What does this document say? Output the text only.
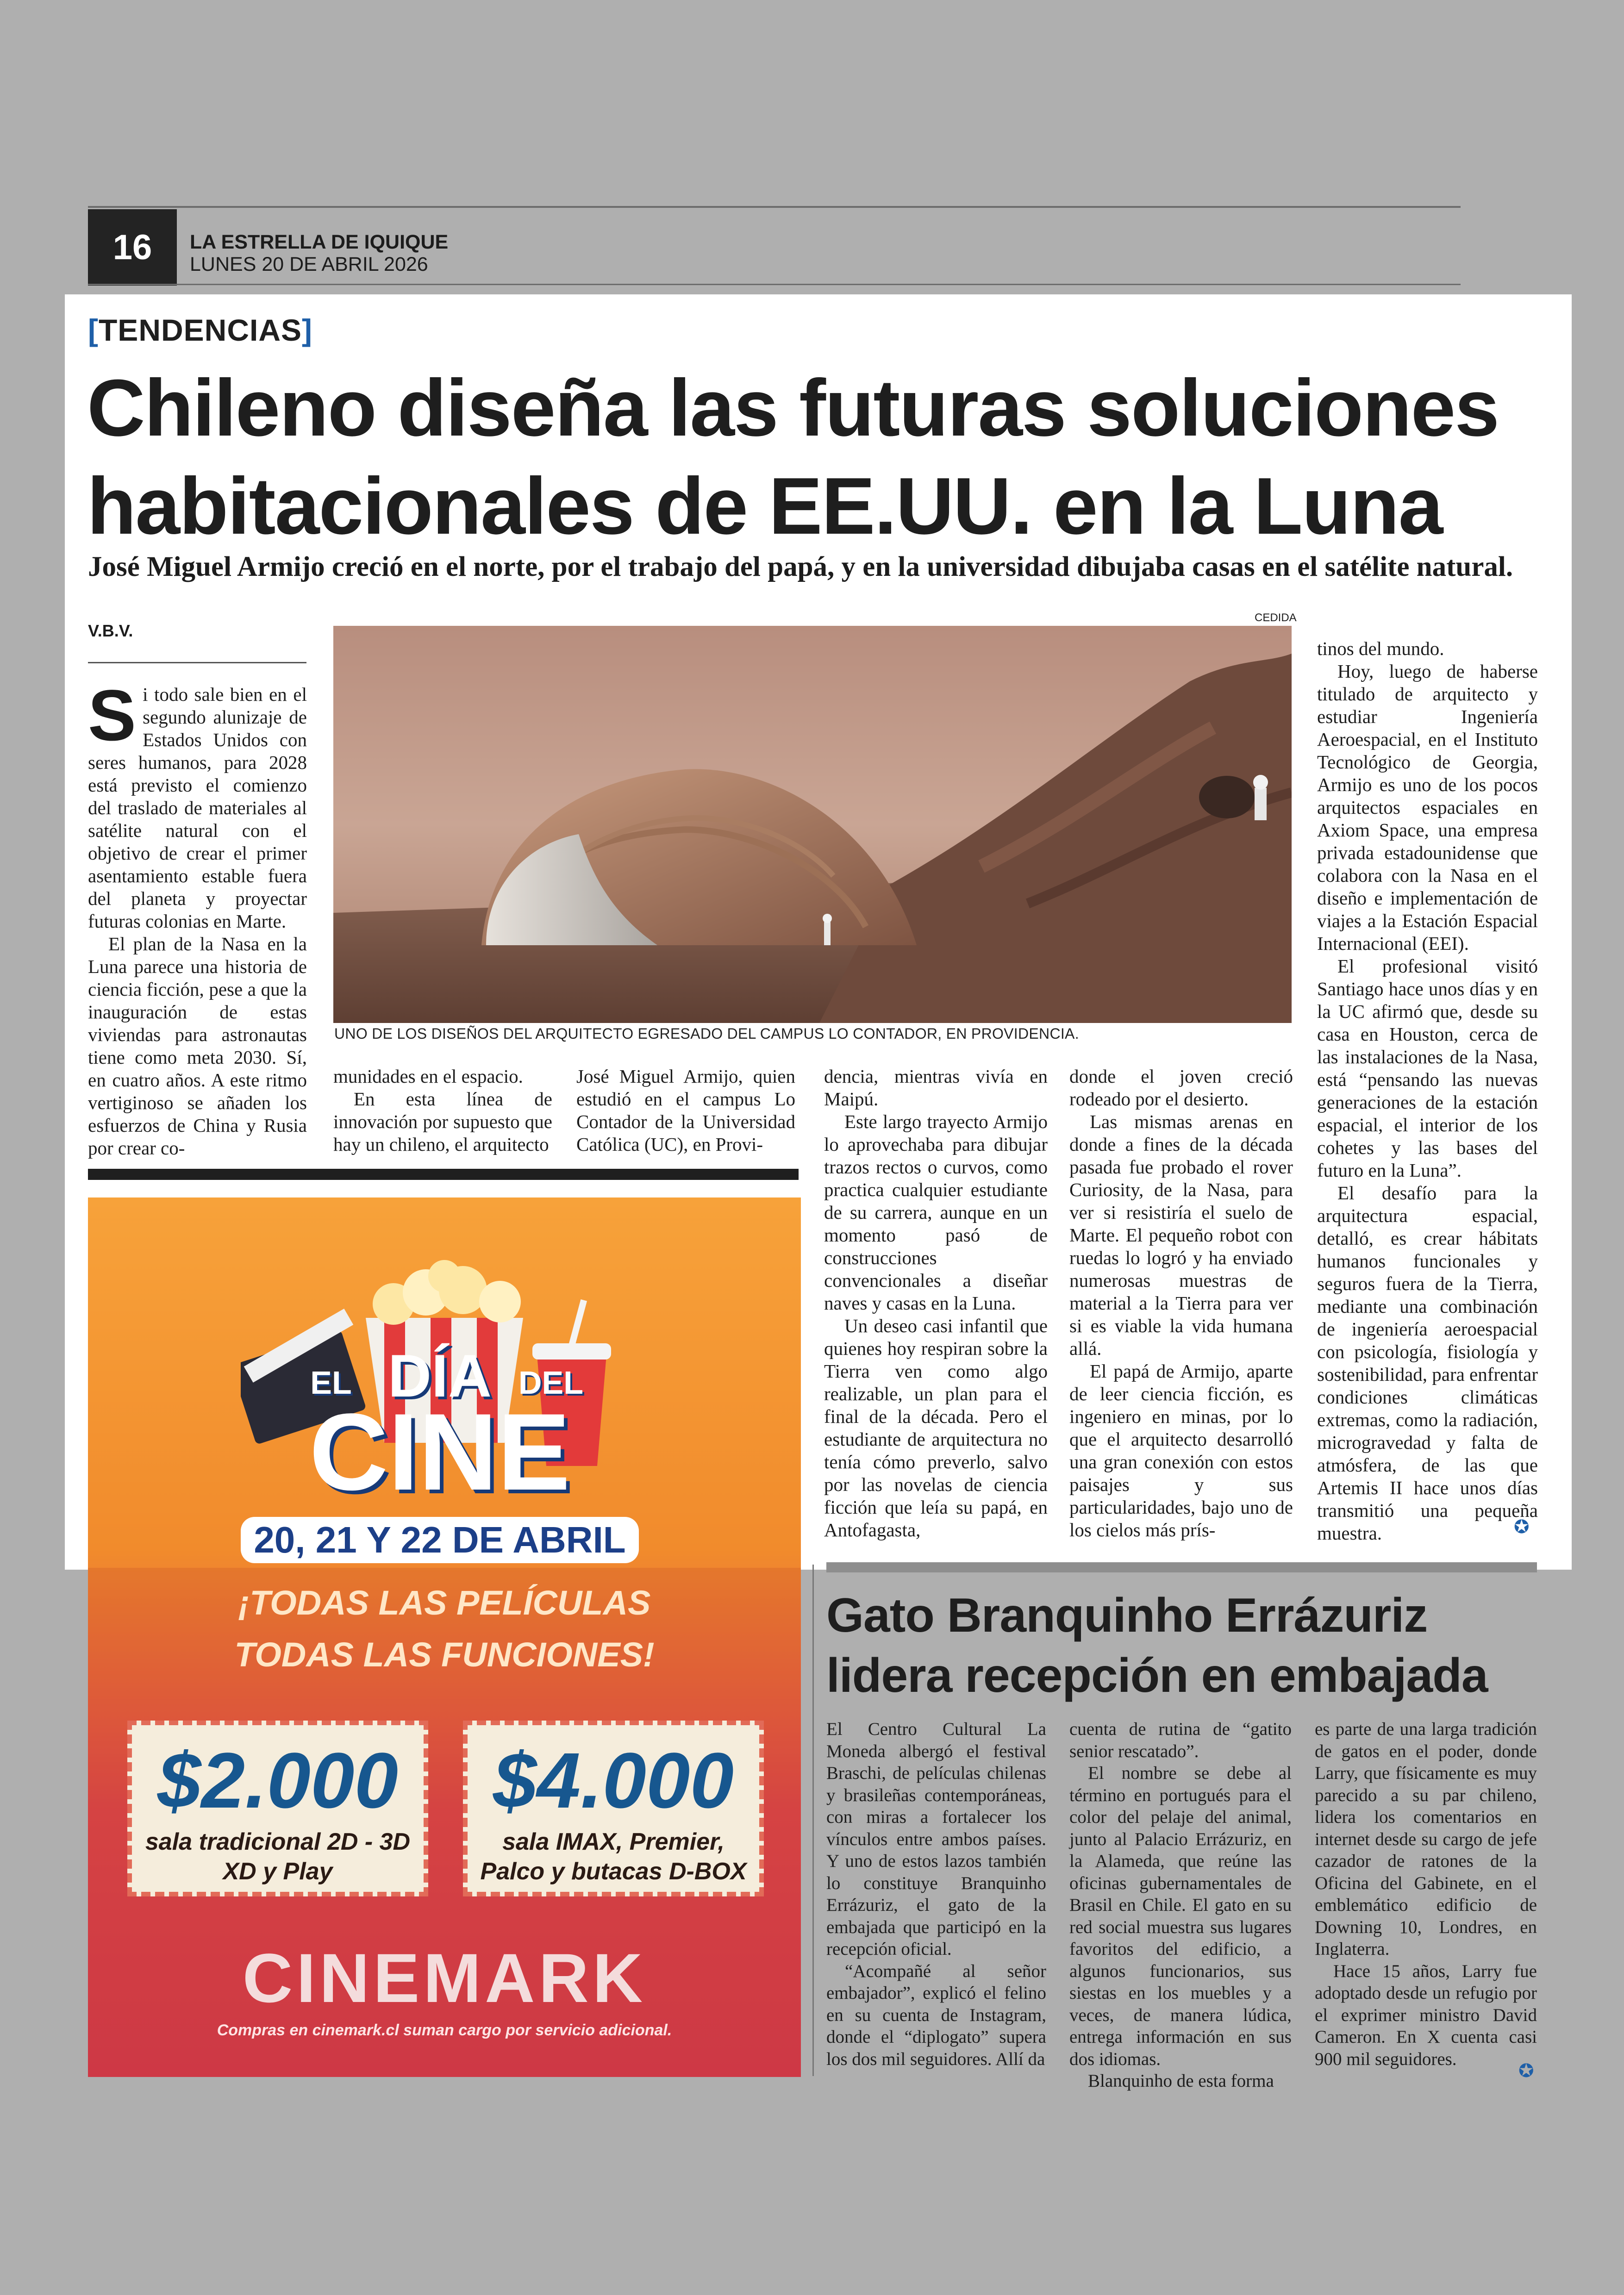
16	LA ESTRELLA DE IQUIQUE
LUNES 20 DE ABRIL 2026
[TENDENCIAS]
Chileno diseña las futuras soluciones habitacionales de EE.UU. en la Luna
José Miguel Armijo creció en el norte, por el trabajo del papá, y en la universidad dibujaba casas en el satélite natural.
V.B.V.

Si todo sale bien en el segundo alunizaje de Estados Unidos con seres humanos, para 2028 está previsto el comienzo del traslado de materiales al satélite natural con el objetivo de crear el primer asentamiento estable fuera del planeta y proyectar futuras colonias en Marte.

El plan de la Nasa en la Luna parece una historia de ciencia ficción, pese a que la inauguración de estas viviendas para astronautas tiene como meta 2030. Sí, en cuatro años. A este ritmo vertiginoso se añaden los esfuerzos de China y Rusia por crear co-

CEDIDA
UNO DE LOS DISEÑOS DEL ARQUITECTO EGRESADO DEL CAMPUS LO CONTADOR, EN PROVIDENCIA.

munidades en el espacio.

En esta línea de innovación por supuesto que hay un chileno, el arquitecto

José Miguel Armijo, quien estudió en el campus Lo Contador de la Universidad Católica (UC), en Provi-

dencia, mientras vivía en Maipú.

Este largo trayecto Armijo lo aprovechaba para dibujar trazos rectos o curvos, como practica cualquier estudiante de su carrera, aunque en un momento pasó de construcciones convencionales a diseñar naves y casas en la Luna.

Un deseo casi infantil que quienes hoy respiran sobre la Tierra ven como algo realizable, un plan para el final de la década. Pero el estudiante de arquitectura no tenía cómo preverlo, salvo por las novelas de ciencia ficción que leía su papá, en Antofagasta,

donde el joven creció rodeado por el desierto.

Las mismas arenas en donde a fines de la década pasada fue probado el rover Curiosity, de la Nasa, para ver si resistiría el suelo de Marte. El pequeño robot con ruedas lo logró y ha enviado numerosas muestras de material a la Tierra para ver si es viable la vida humana allá.

El papá de Armijo, aparte de leer ciencia ficción, es ingeniero en minas, por lo que el arquitecto desarrolló una gran conexión con estos paisajes y sus particularidades, bajo uno de los cielos más prís-

tinos del mundo.

Hoy, luego de haberse titulado de arquitecto y estudiar Ingeniería Aeroespacial, en el Instituto Tecnológico de Georgia, Armijo es uno de los pocos arquitectos espaciales en Axiom Space, una empresa privada estadounidense que colabora con la Nasa en el diseño e implementación de viajes a la Estación Espacial Internacional (EEI).

El profesional visitó Santiago hace unos días y en la UC afirmó que, desde su casa en Houston, cerca de las instalaciones de la Nasa, está “pensando las nuevas generaciones de la estación espacial, el interior de los cohetes y las bases del futuro en la Luna”.

El desafío para la arquitectura espacial, detalló, es crear hábitats humanos funcionales y seguros fuera de la Tierra, mediante una combinación de ingeniería aeroespacial con psicología, fisiología y sostenibilidad, para enfrentar condiciones climáticas extremas, como la radiación, microgravedad y falta de atmósfera, de las que Artemis II hace unos días transmitió una pequeña muestra.	✪
EL DÍA DEL
CINE
20, 21 Y 22 DE ABRIL
¡TODAS LAS PELÍCULAS
TODAS LAS FUNCIONES!
$2.000
sala tradicional 2D - 3D
XD y Play
$4.000
sala IMAX, Premier,
Palco y butacas D-BOX
CINEMARK
Compras en cinemark.cl suman cargo por servicio adicional.
Gato Branquinho Errázuriz lidera recepción en embajada

El Centro Cultural La Moneda albergó el festival Braschi, de películas chilenas y brasileñas contemporáneas, con miras a fortalecer los vínculos entre ambos países. Y uno de estos lazos también lo constituye Branquinho Errázuriz, el gato de la embajada que participó en la recepción oficial.

“Acompañé al señor embajador”, explicó el felino en su cuenta de Instagram, donde el “diplogato” supera los dos mil seguidores. Allí da

cuenta de rutina de “gatito senior rescatado”.

El nombre se debe al término en portugués para el color del pelaje del animal, junto al Palacio Errázuriz, en la Alameda, que reúne las oficinas gubernamentales de Brasil en Chile. El gato en su red social muestra sus lugares favoritos del edificio, a algunos funcionarios, sus siestas en los muebles y a veces, de manera lúdica, entrega información en sus dos idiomas.

Blanquinho de esta forma

es parte de una larga tradición de gatos en el poder, donde Larry, que físicamente es muy parecido a su par chileno, lidera los comentarios en internet desde su cargo de jefe cazador de ratones de la Oficina del Gabinete, en el emblemático edificio de Downing 10, Londres, en Inglaterra.

Hace 15 años, Larry fue adoptado desde un refugio por el exprimer ministro David Cameron. En X cuenta casi 900 mil seguidores.

✪
